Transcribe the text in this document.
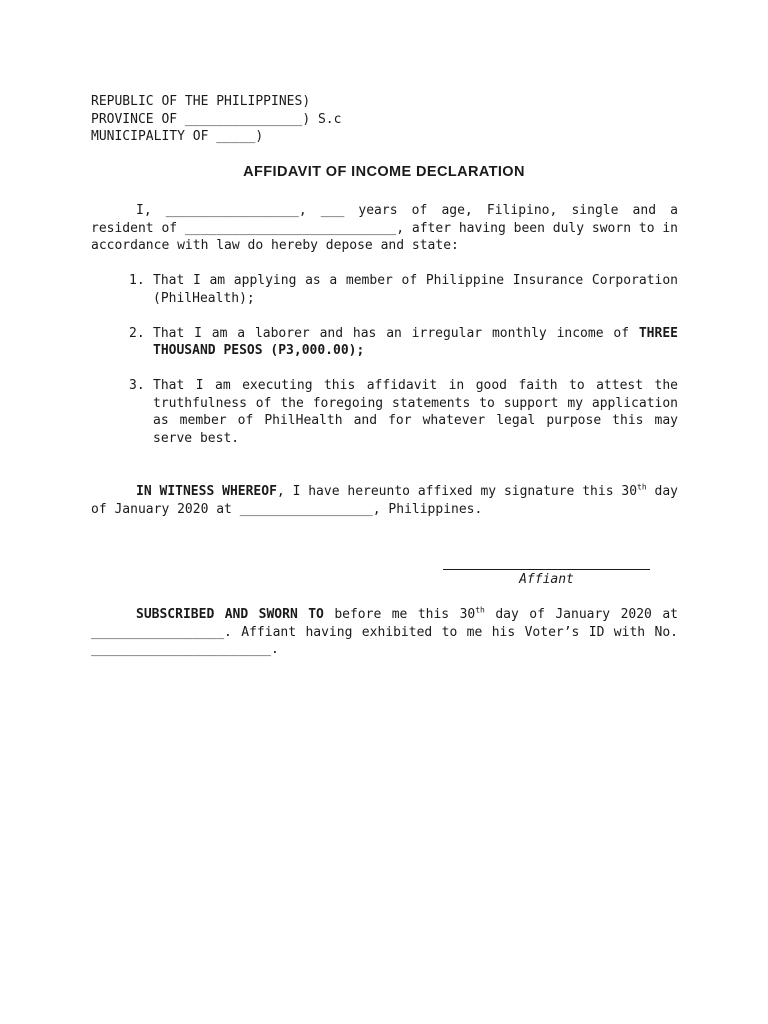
REPUBLIC OF THE PHILIPPINES)
PROVINCE OF _______________) S.c
MUNICIPALITY OF _____)
AFFIDAVIT OF INCOME DECLARATION
I, _________________, ___ years of age, Filipino, single and a resident of ___________________________, after having been duly sworn to in accordance with law do hereby depose and state:
1. That I am applying as a member of Philippine Insurance Corporation (PhilHealth);
2. That I am a laborer and has an irregular monthly income of THREE THOUSAND PESOS (P3,000.00);
3. That I am executing this affidavit in good faith to attest the truthfulness of the foregoing statements to support my application as member of PhilHealth and for whatever legal purpose this may serve best.
IN WITNESS WHEREOF, I have hereunto affixed my signature this 30th day of January 2020 at _________________, Philippines.
Affiant
SUBSCRIBED AND SWORN TO before me this 30th day of January 2020 at _________________. Affiant having exhibited to me his Voter’s ID with No. _______________________.
